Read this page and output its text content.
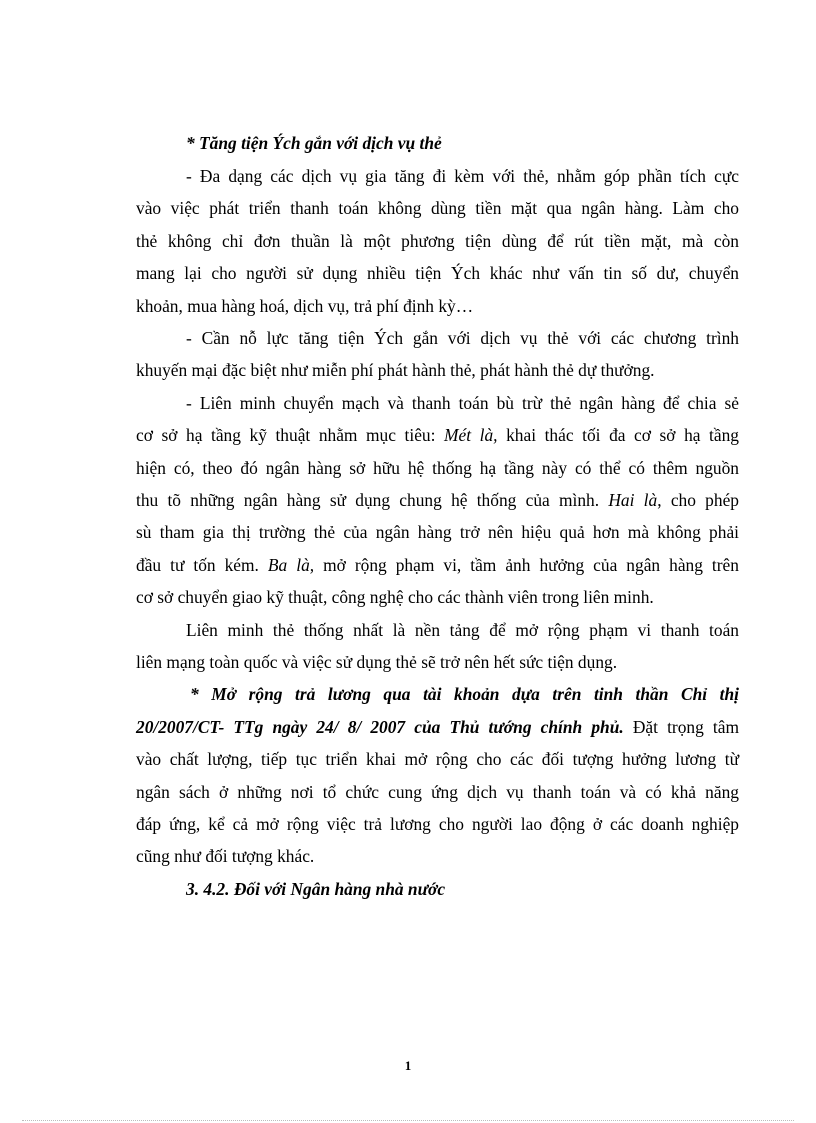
* Tăng tiện Ých gắn với dịch vụ thẻ
- Đa dạng các dịch vụ gia tăng đi kèm với thẻ, nhằm góp phần tích cực
vào việc phát triển thanh toán không dùng tiền mặt qua ngân hàng. Làm cho
thẻ không chỉ đơn thuần là một phương tiện dùng để rút tiền mặt, mà còn
mang lại cho người sử dụng nhiều tiện Ých khác như vấn tin số dư, chuyển
khoản, mua hàng hoá, dịch vụ, trả phí định kỳ…
- Cần nỗ lực tăng tiện Ých gắn với dịch vụ thẻ với các chương trình
khuyến mại đặc biệt như miễn phí phát hành thẻ, phát hành thẻ dự thưởng.
- Liên minh chuyển mạch và thanh toán bù trừ thẻ ngân hàng để chia sẻ
cơ sở hạ tầng kỹ thuật nhằm mục tiêu: Mét là, khai thác tối đa cơ sở hạ tầng
hiện có, theo đó ngân hàng sở hữu hệ thống hạ tầng này có thể có thêm nguồn
thu tõ những ngân hàng sử dụng chung hệ thống của mình. Hai là, cho phép
sù tham gia thị trường thẻ của ngân hàng trở nên hiệu quả hơn mà không phải
đầu tư tốn kém. Ba là, mở rộng phạm vi, tầm ảnh hưởng của ngân hàng trên
cơ sở chuyển giao kỹ thuật, công nghệ cho các thành viên trong liên minh.
Liên minh thẻ thống nhất là nền tảng để mở rộng phạm vi thanh toán
liên mạng toàn quốc và việc sử dụng thẻ sẽ trở nên hết sức tiện dụng.
* Mở rộng trả lương qua tài khoản dựa trên tinh thần Chỉ thị
20/2007/CT- TTg ngày 24/ 8/ 2007 của Thủ tướng chính phủ. Đặt trọng tâm
vào chất lượng, tiếp tục triển khai mở rộng cho các đối tượng hưởng lương từ
ngân sách ở những nơi tổ chức cung ứng dịch vụ thanh toán và có khả năng
đáp ứng, kể cả mở rộng việc trả lương cho người lao động ở các doanh nghiệp
cũng như đối tượng khác.
3. 4.2. Đối với Ngân hàng nhà nước
1
